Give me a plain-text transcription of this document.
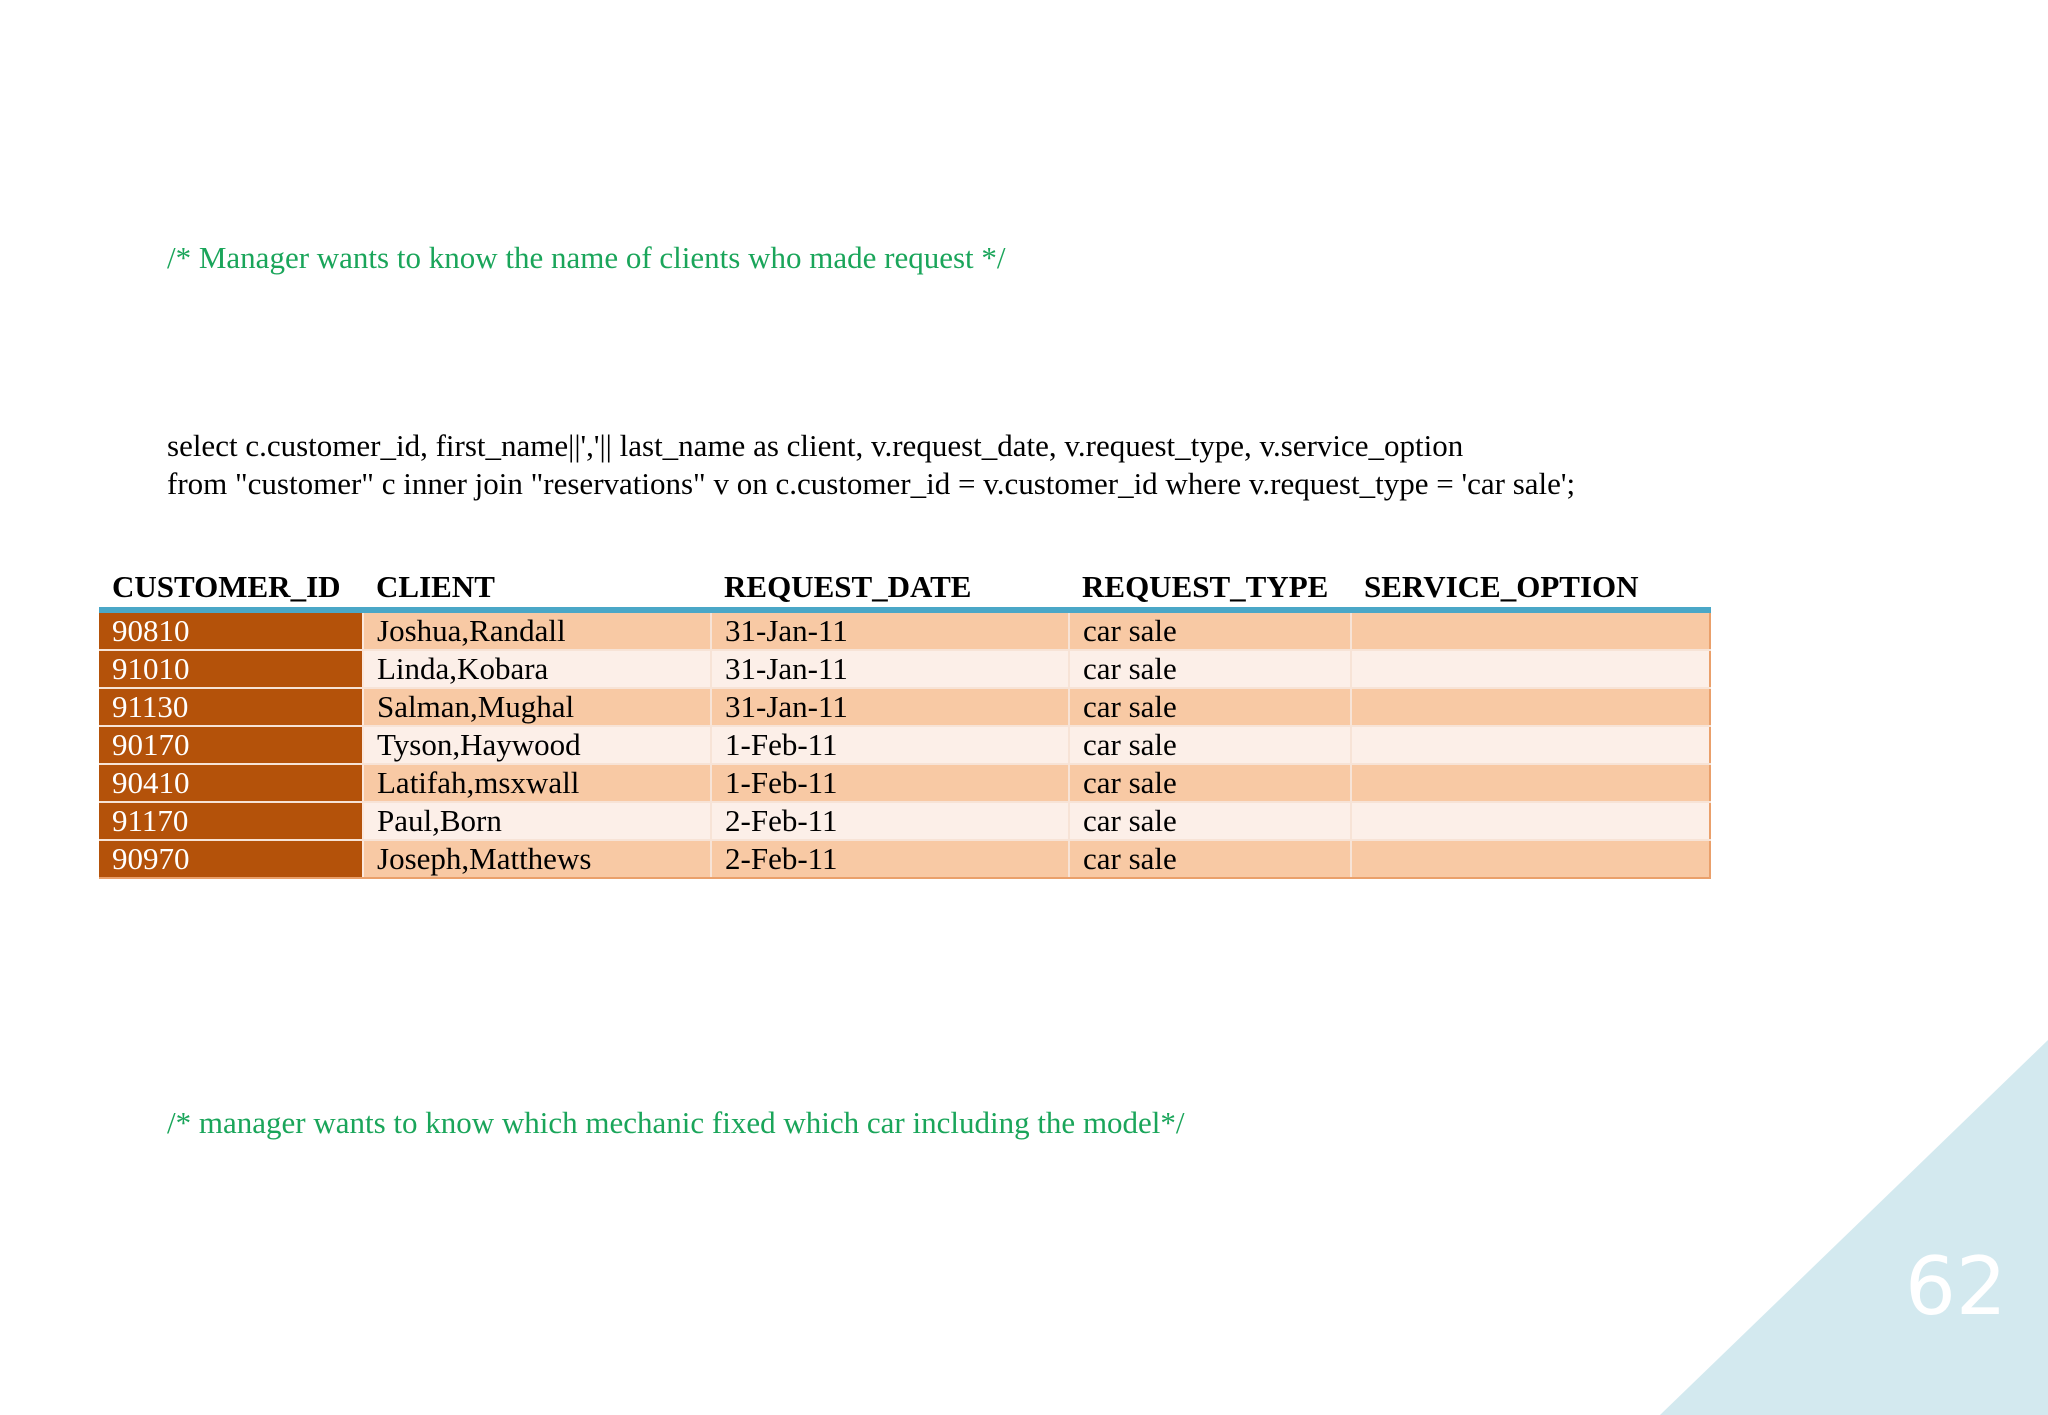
/* Manager wants to know the name of clients who made request */
select c.customer_id, first_name||','|| last_name as client, v.request_date, v.request_type, v.service_option
from "customer" c inner join "reservations" v on c.customer_id = v.customer_id where v.request_type = 'car sale';
CUSTOMER_ID	CLIENT	REQUEST_DATE	REQUEST_TYPE	SERVICE_OPTION
90810	Joshua,Randall	31-Jan-11	car sale	
91010	Linda,Kobara	31-Jan-11	car sale	
91130	Salman,Mughal	31-Jan-11	car sale	
90170	Tyson,Haywood	1-Feb-11	car sale	
90410	Latifah,msxwall	1-Feb-11	car sale	
91170	Paul,Born	2-Feb-11	car sale	
90970	Joseph,Matthews	2-Feb-11	car sale	
/* manager wants to know which mechanic fixed which car including the model*/
62
